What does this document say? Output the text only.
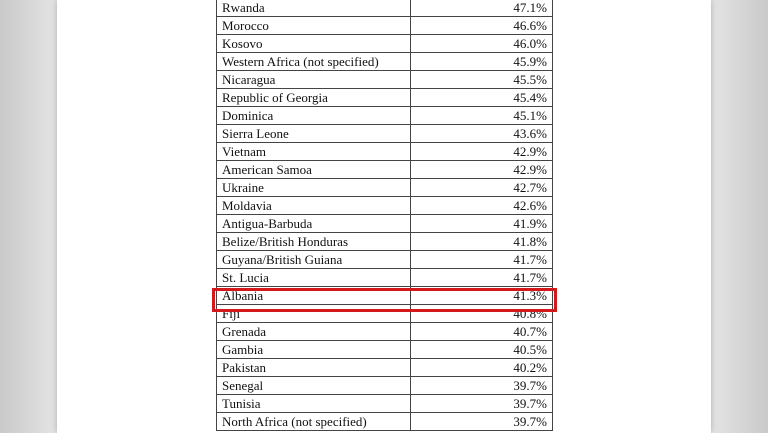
Rwanda	47.1%
Morocco	46.6%
Kosovo	46.0%
Western Africa (not specified)	45.9%
Nicaragua	45.5%
Republic of Georgia	45.4%
Dominica	45.1%
Sierra Leone	43.6%
Vietnam	42.9%
American Samoa	42.9%
Ukraine	42.7%
Moldavia	42.6%
Antigua-Barbuda	41.9%
Belize/British Honduras	41.8%
Guyana/British Guiana	41.7%
St. Lucia	41.7%
Albania	41.3%
Fiji	40.8%
Grenada	40.7%
Gambia	40.5%
Pakistan	40.2%
Senegal	39.7%
Tunisia	39.7%
North Africa (not specified)	39.7%
